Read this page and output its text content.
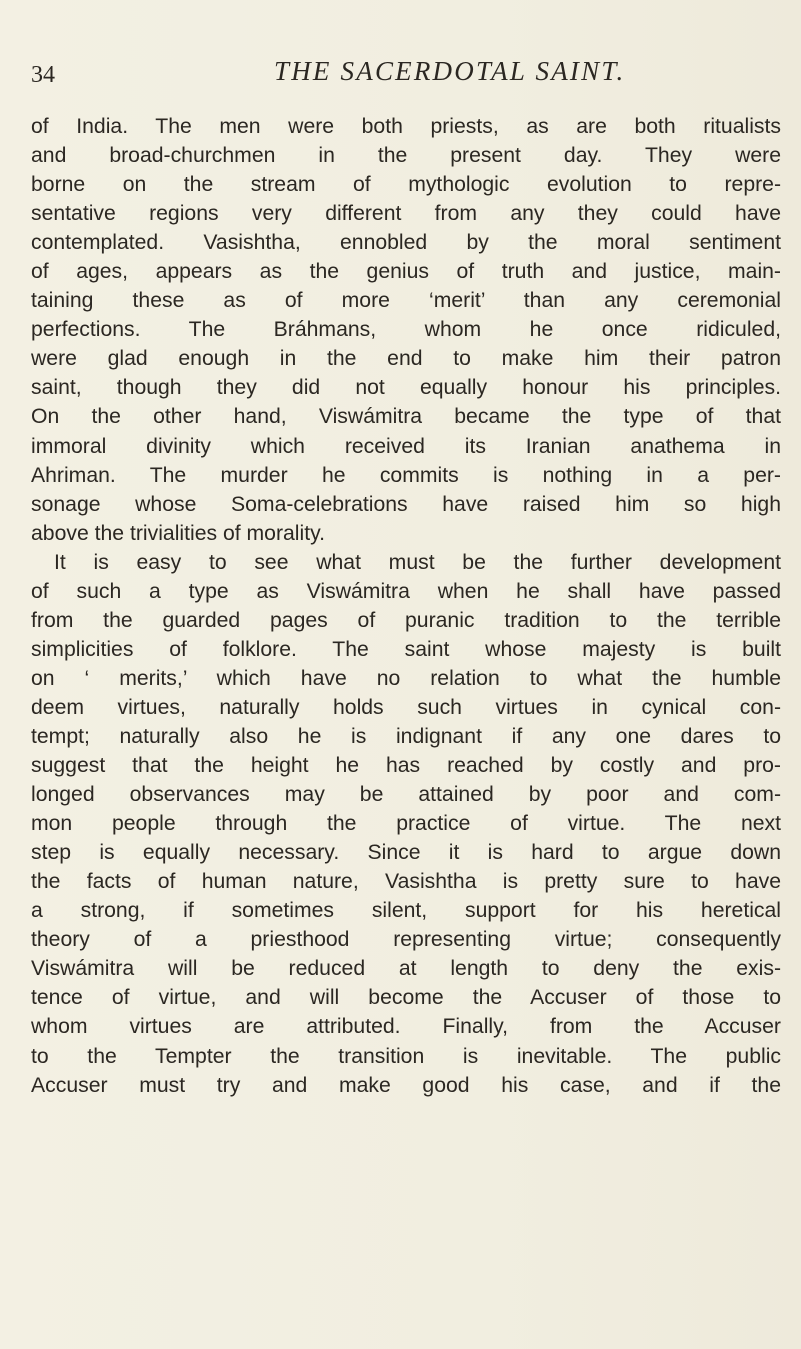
34	THE SACERDOTAL SAINT.
of India. The men were both priests, as are both ritualists
and broad-churchmen in the present day. They were
borne on the stream of mythologic evolution to repre-
sentative regions very different from any they could have
contemplated. Vasishtha, ennobled by the moral sentiment
of ages, appears as the genius of truth and justice, main-
taining these as of more ‘merit’ than any ceremonial
perfections. The Bráhmans, whom he once ridiculed,
were glad enough in the end to make him their patron
saint, though they did not equally honour his principles.
On the other hand, Viswámitra became the type of that
immoral divinity which received its Iranian anathema in
Ahriman. The murder he commits is nothing in a per-
sonage whose Soma-celebrations have raised him so high
above the trivialities of morality.
It is easy to see what must be the further development
of such a type as Viswámitra when he shall have passed
from the guarded pages of puranic tradition to the terrible
simplicities of folklore. The saint whose majesty is built
on ‘ merits,’ which have no relation to what the humble
deem virtues, naturally holds such virtues in cynical con-
tempt; naturally also he is indignant if any one dares to
suggest that the height he has reached by costly and pro-
longed observances may be attained by poor and com-
mon people through the practice of virtue. The next
step is equally necessary. Since it is hard to argue down
the facts of human nature, Vasishtha is pretty sure to have
a strong, if sometimes silent, support for his heretical
theory of a priesthood representing virtue; consequently
Viswámitra will be reduced at length to deny the exis-
tence of virtue, and will become the Accuser of those to
whom virtues are attributed. Finally, from the Accuser
to the Tempter the transition is inevitable. The public
Accuser must try and make good his case, and if the
